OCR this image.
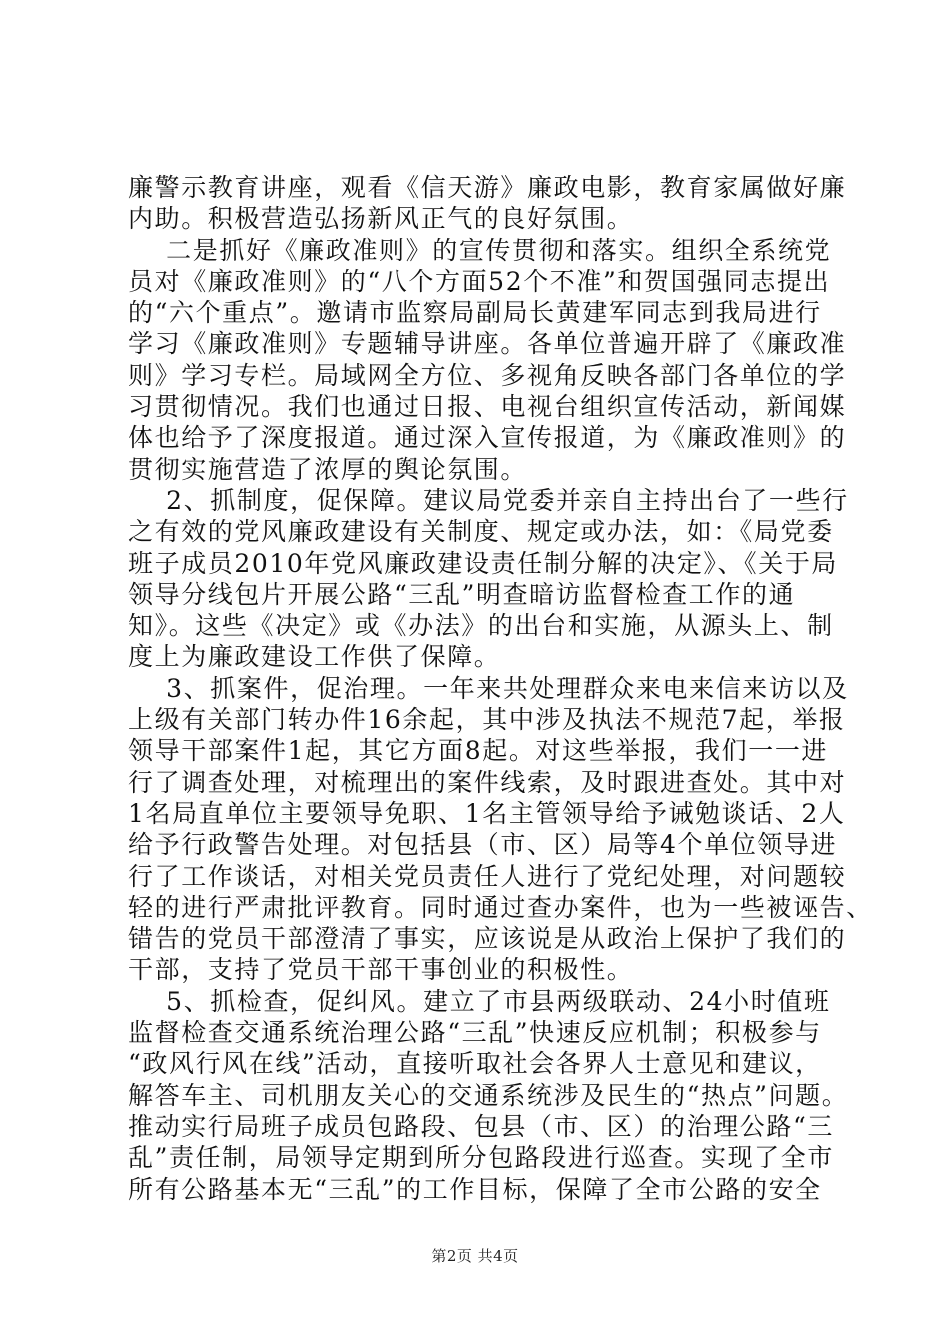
廉警示教育讲座，观看《信天游》廉政电影，教育家属做好廉
内助。积极营造弘扬新风正气的良好氛围。
二是抓好《廉政准则》的宣传贯彻和落实。组织全系统党
员对《廉政准则》的“八个方面52个不准”和贺国强同志提出
的“六个重点”。邀请市监察局副局长黄建军同志到我局进行
学习《廉政准则》专题辅导讲座。各单位普遍开辟了《廉政准
则》学习专栏。局域网全方位、多视角反映各部门各单位的学
习贯彻情况。我们也通过日报、电视台组织宣传活动，新闻媒
体也给予了深度报道。通过深入宣传报道，为《廉政准则》的
贯彻实施营造了浓厚的舆论氛围。
2、抓制度，促保障。建议局党委并亲自主持出台了一些行
之有效的党风廉政建设有关制度、规定或办法，如：《局党委
班子成员2010年党风廉政建设责任制分解的决定》、《关于局
领导分线包片开展公路“三乱”明查暗访监督检查工作的通
知》。这些《决定》或《办法》的出台和实施，从源头上、制
度上为廉政建设工作供了保障。
3、抓案件，促治理。一年来共处理群众来电来信来访以及
上级有关部门转办件16余起，其中涉及执法不规范7起，举报
领导干部案件1起，其它方面8起。对这些举报，我们一一进
行了调查处理，对梳理出的案件线索，及时跟进查处。其中对
1名局直单位主要领导免职、1名主管领导给予诫勉谈话、2人
给予行政警告处理。对包括县（市、区）局等4个单位领导进
行了工作谈话，对相关党员责任人进行了党纪处理，对问题较
轻的进行严肃批评教育。同时通过查办案件，也为一些被诬告、
错告的党员干部澄清了事实，应该说是从政治上保护了我们的
干部，支持了党员干部干事创业的积极性。
5、抓检查，促纠风。建立了市县两级联动、24小时值班
监督检查交通系统治理公路“三乱”快速反应机制；积极参与
“政风行风在线”活动，直接听取社会各界人士意见和建议，
解答车主、司机朋友关心的交通系统涉及民生的“热点”问题。
推动实行局班子成员包路段、包县（市、区）的治理公路“三
乱”责任制，局领导定期到所分包路段进行巡查。实现了全市
所有公路基本无“三乱”的工作目标，保障了全市公路的安全
第2页 共4页
